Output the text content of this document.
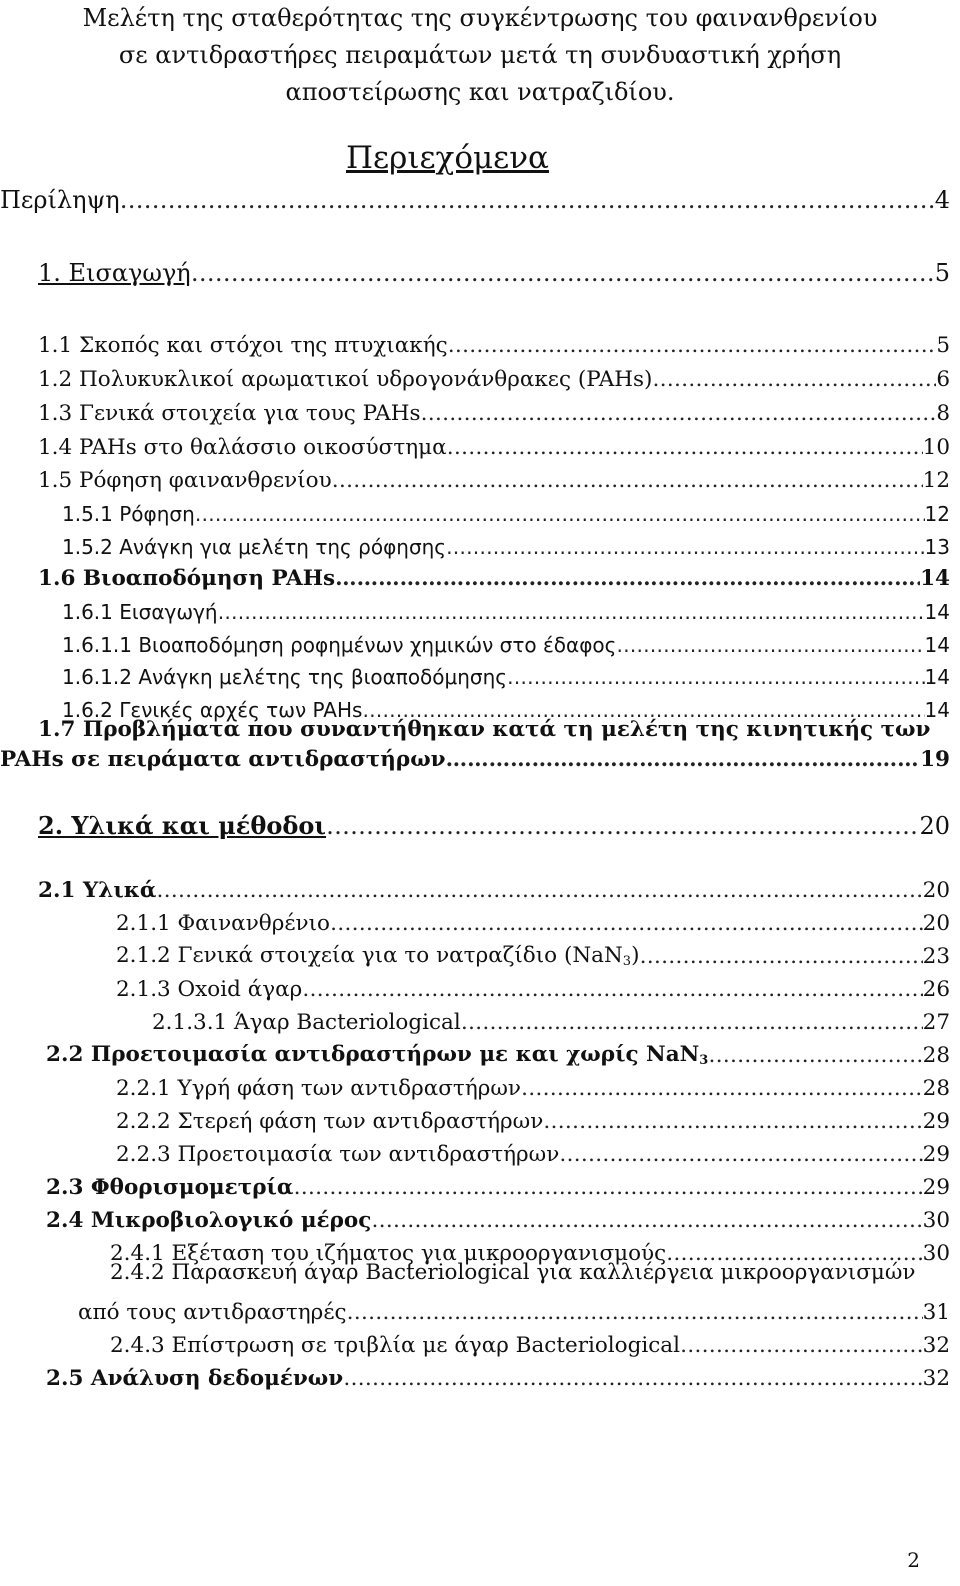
Μελέτη της σταθερότητας της συγκέντρωσης του φαινανθρενίου
σε αντιδραστήρες πειραμάτων μετά τη συνδυαστική χρήση
αποστείρωσης και νατραζιδίου.
Περιεχόμενα
Περίληψη ……………………………………………………………………………………………………………………………………………………………………………………	4
1. Εισαγωγή ……………………………………………………………………………………………………………………………………………………………………………………	5
1.1 Σκοπός και στόχοι της πτυχιακής ……………………………………………………………………………………………………………………………………………………………………………………	5
1.2 Πολυκυκλικοί αρωματικοί υδρογονάνθρακες (PAHs) ……………………………………………………………………………………………………………………………………………………………………………………	6
1.3 Γενικά στοιχεία για τους PAHs ……………………………………………………………………………………………………………………………………………………………………………………	8
1.4 PAHs στο θαλάσσιο οικοσύστημα ……………………………………………………………………………………………………………………………………………………………………………………	10
1.5 Ρόφηση φαινανθρενίου ……………………………………………………………………………………………………………………………………………………………………………………	12
1.5.1 Ρόφηση ……………………………………………………………………………………………………………………………………………………………………………………	12
1.5.2 Ανάγκη για μελέτη της ρόφησης ……………………………………………………………………………………………………………………………………………………………………………………	13
1.6 Βιοαποδόμηση PAHs ……………………………………………………………………………………………………………………………………………………………………………………	14
1.6.1 Εισαγωγή ……………………………………………………………………………………………………………………………………………………………………………………	14
1.6.1.1 Βιοαποδόμηση ροφημένων χημικών στο έδαφος ……………………………………………………………………………………………………………………………………………………………………………………	14
1.6.1.2 Ανάγκη μελέτης της βιοαποδόμησης ……………………………………………………………………………………………………………………………………………………………………………………	14
1.6.2 Γενικές αρχές των PAHs ……………………………………………………………………………………………………………………………………………………………………………………	14
1.7 Προβλήματα που συναντήθηκαν κατά τη μελέτη της κινητικής των
PAHs σε πειράματα αντιδραστήρων ……………………………………………………………………………………………………………………………………………………………………………………	19
2. Υλικά και μέθοδοι ……………………………………………………………………………………………………………………………………………………………………………………	20
2.1 Υλικά ……………………………………………………………………………………………………………………………………………………………………………………	20
2.1.1 Φαινανθρένιο ……………………………………………………………………………………………………………………………………………………………………………………	20
2.1.2 Γενικά στοιχεία για το νατραζίδιο (NaN$_3$) ……………………………………………………………………………………………………………………………………………………………………………………	23
2.1.3 Oxoid άγαρ ……………………………………………………………………………………………………………………………………………………………………………………	26
2.1.3.1 Άγαρ Bacteriological ……………………………………………………………………………………………………………………………………………………………………………………	27
2.2 Προετοιμασία αντιδραστήρων με και χωρίς NaN$_3$ ……………………………………………………………………………………………………………………………………………………………………………………	28
2.2.1 Υγρή φάση των αντιδραστήρων ……………………………………………………………………………………………………………………………………………………………………………………	28
2.2.2 Στερεή φάση των αντιδραστήρων ……………………………………………………………………………………………………………………………………………………………………………………	29
2.2.3 Προετοιμασία των αντιδραστήρων ……………………………………………………………………………………………………………………………………………………………………………………	29
2.3 Φθορισμομετρία ……………………………………………………………………………………………………………………………………………………………………………………	29
2.4 Μικροβιολογικό μέρος ……………………………………………………………………………………………………………………………………………………………………………………	30
2.4.1 Εξέταση του ιζήματος για μικροοργανισμούς ……………………………………………………………………………………………………………………………………………………………………………………	30
2.4.2 Παρασκευή άγαρ Bacteriological για καλλιέργεια μικροοργανισμών
από τους αντιδραστηρές ……………………………………………………………………………………………………………………………………………………………………………………	31
2.4.3 Επίστρωση σε τριβλία με άγαρ Bacteriological ……………………………………………………………………………………………………………………………………………………………………………………	32
2.5 Ανάλυση δεδομένων ……………………………………………………………………………………………………………………………………………………………………………………	32
2
